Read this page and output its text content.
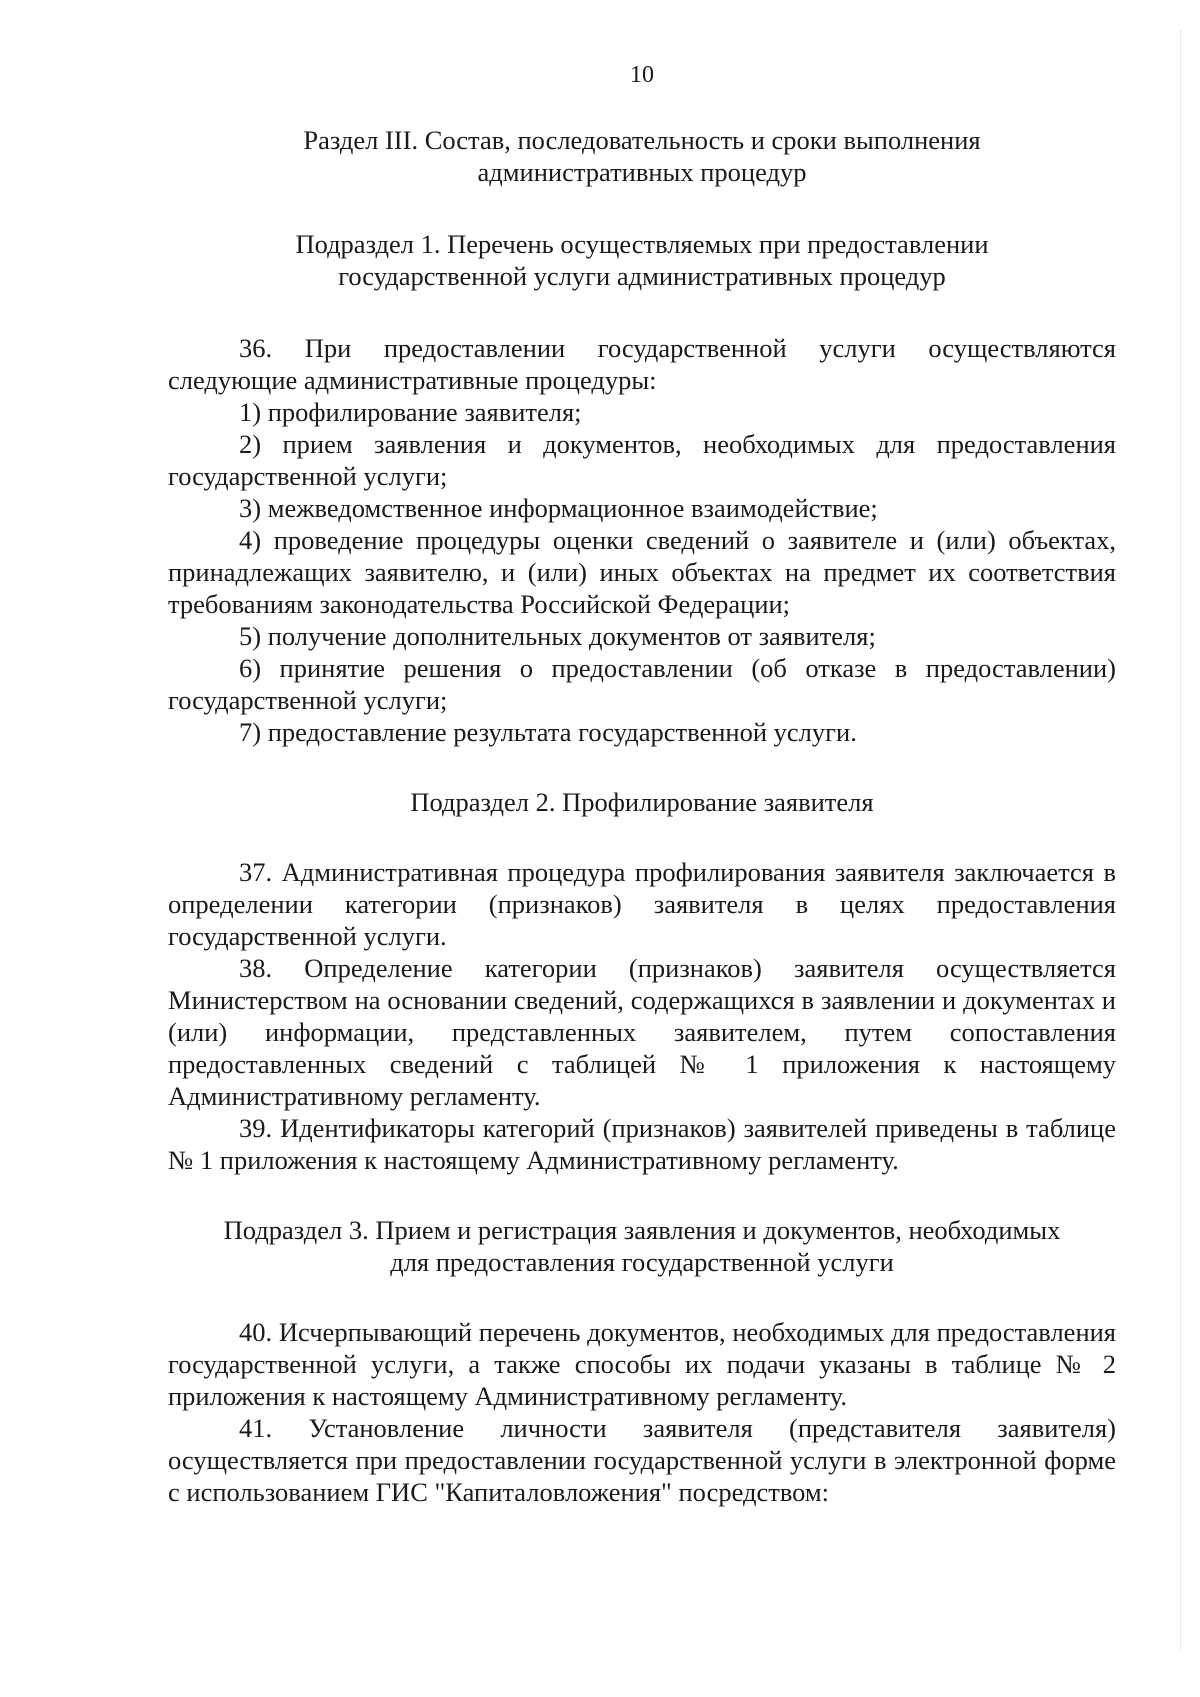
10
Раздел III. Состав, последовательность и сроки выполнения
административных процедур
Подраздел 1. Перечень осуществляемых при предоставлении
государственной услуги административных процедур

36. При предоставлении государственной услуги осуществляются следующие административные процедуры:

1) профилирование заявителя;

2) прием заявления и документов, необходимых для предоставления государственной услуги;

3) межведомственное информационное взаимодействие;

4) проведение процедуры оценки сведений о заявителе и (или) объектах, принадлежащих заявителю, и (или) иных объектах на предмет их соответствия требованиям законодательства Российской Федерации;

5) получение дополнительных документов от заявителя;

6) принятие решения о предоставлении (об отказе в предоставлении) государственной услуги;

7) предоставление результата государственной услуги.

Подраздел 2. Профилирование заявителя

37. Административная процедура профилирования заявителя заключается в определении категории (признаков) заявителя в целях предоставления государственной услуги.

38. Определение категории (признаков) заявителя осуществляется Министерством на основании сведений, содержащихся в заявлении и документах и (или) информации, представленных заявителем, путем сопоставления предоставленных сведений с таблицей № 1 приложения к настоящему Административному регламенту.

39. Идентификаторы категорий (признаков) заявителей приведены в таблице № 1 приложения к настоящему Административному регламенту.

Подраздел 3. Прием и регистрация заявления и документов, необходимых
для предоставления государственной услуги

40. Исчерпывающий перечень документов, необходимых для предоставления государственной услуги, а также способы их подачи указаны в таблице № 2 приложения к настоящему Административному регламенту.

41. Установление личности заявителя (представителя заявителя) осуществляется при предоставлении государственной услуги в электронной форме с использованием ГИС "Капиталовложения" посредством:
